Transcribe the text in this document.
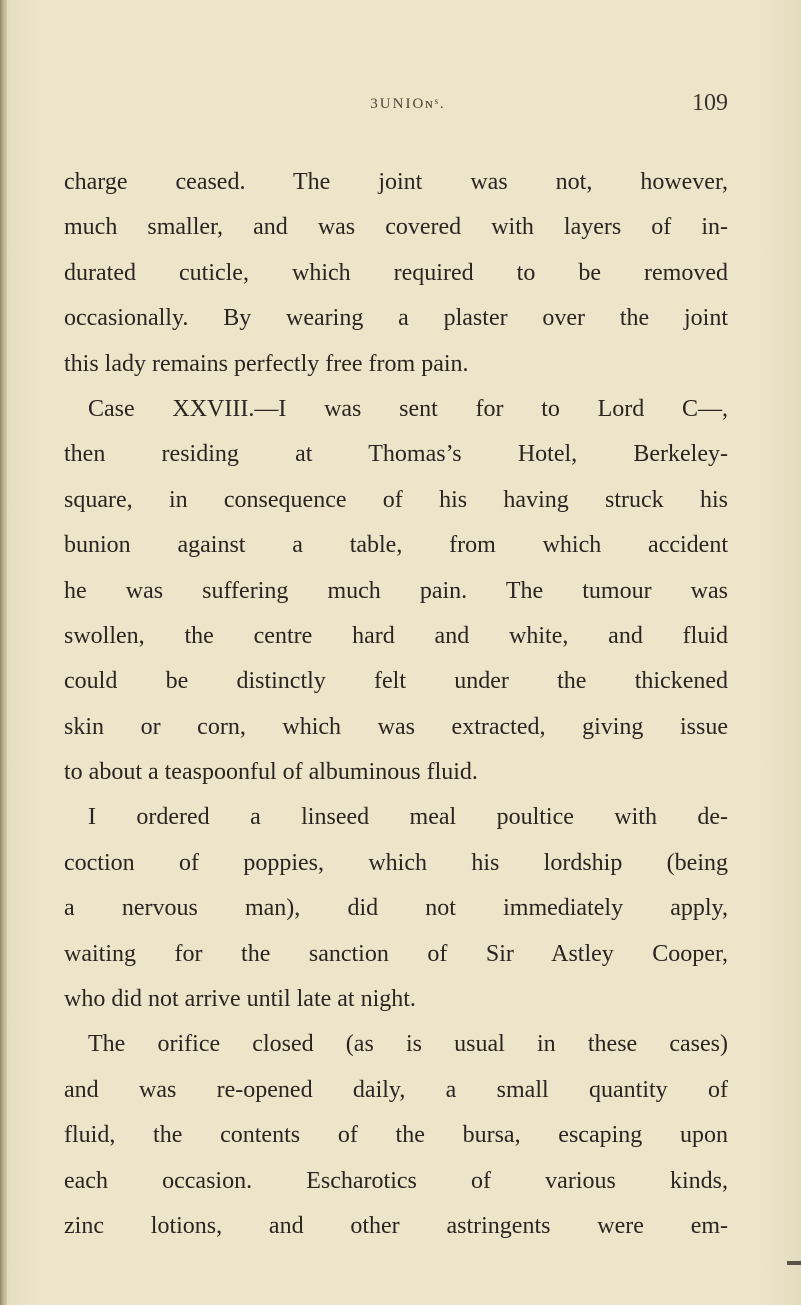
3UNIOɴˢ.	109
charge ceased. The joint was not, however,
much smaller, and was covered with layers of in-
durated cuticle, which required to be removed
occasionally. By wearing a plaster over the joint
this lady remains perfectly free from pain.
Case XXVIII.—I was sent for to Lord C—,
then residing at Thomas’s Hotel, Berkeley-
square, in consequence of his having struck his
bunion against a table, from which accident
he was suffering much pain. The tumour was
swollen, the centre hard and white, and fluid
could be distinctly felt under the thickened
skin or corn, which was extracted, giving issue
to about a teaspoonful of albuminous fluid.
I ordered a linseed meal poultice with de-
coction of poppies, which his lordship (being
a nervous man), did not immediately apply,
waiting for the sanction of Sir Astley Cooper,
who did not arrive until late at night.
The orifice closed (as is usual in these cases)
and was re-opened daily, a small quantity of
fluid, the contents of the bursa, escaping upon
each occasion. Escharotics of various kinds,
zinc lotions, and other astringents were em-
